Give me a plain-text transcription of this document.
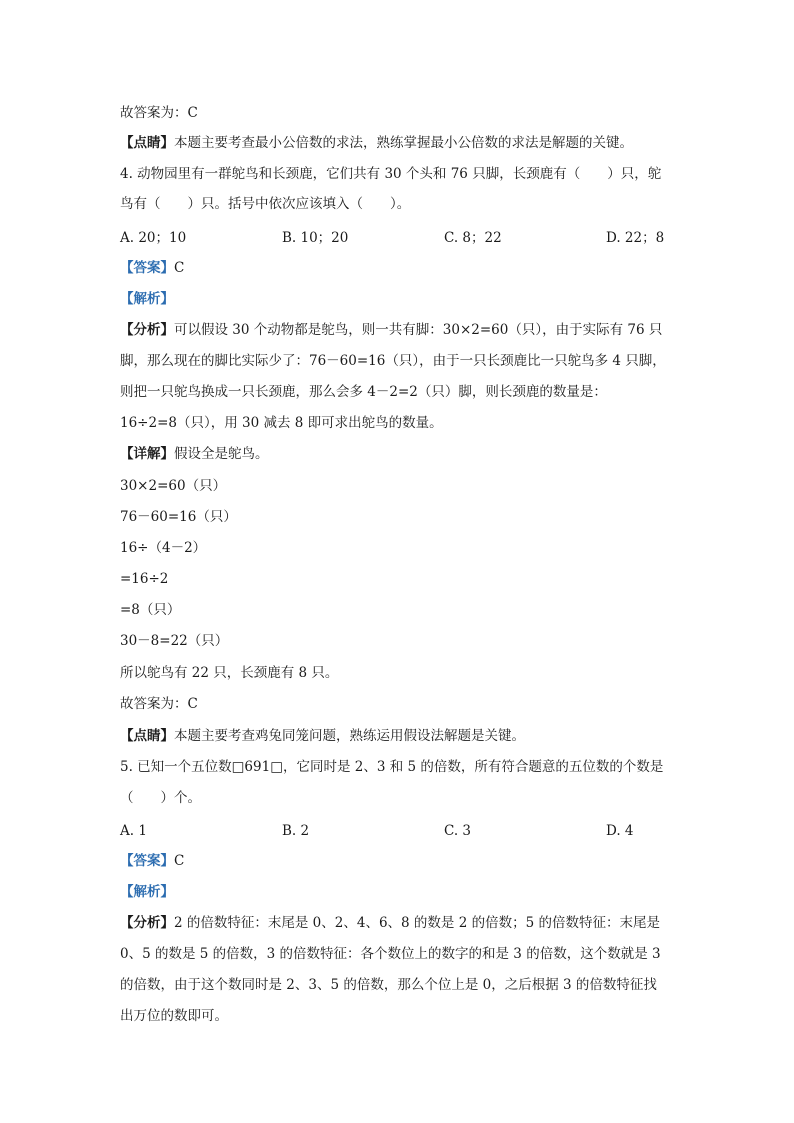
故答案为：C
【点睛】本题主要考查最小公倍数的求法，熟练掌握最小公倍数的求法是解题的关键。
4. 动物园里有一群鸵鸟和长颈鹿，它们共有 30 个头和 76 只脚，长颈鹿有（　　）只，鸵
鸟有（　　）只。括号中依次应该填入（　　）。
A. 20；10	B. 10；20	C. 8；22	D. 22；8
【答案】C
【解析】
【分析】可以假设 30 个动物都是鸵鸟，则一共有脚：30×2=60（只），由于实际有 76 只
脚，那么现在的脚比实际少了：76－60=16（只），由于一只长颈鹿比一只鸵鸟多 4 只脚，
则把一只鸵鸟换成一只长颈鹿，那么会多 4－2=2（只）脚，则长颈鹿的数量是：
16÷2=8（只），用 30 减去 8 即可求出鸵鸟的数量。
【详解】假设全是鸵鸟。
30×2=60（只）
76－60=16（只）
16÷（4－2）
=16÷2
=8（只）
30－8=22（只）
所以鸵鸟有 22 只，长颈鹿有 8 只。
故答案为：C
【点睛】本题主要考查鸡兔同笼问题，熟练运用假设法解题是关键。
5. 已知一个五位数□691□，它同时是 2、3 和 5 的倍数，所有符合题意的五位数的个数是
（　　）个。
A. 1	B. 2	C. 3	D. 4
【答案】C
【解析】
【分析】2 的倍数特征：末尾是 0、2、4、6、8 的数是 2 的倍数；5 的倍数特征：末尾是
0、5 的数是 5 的倍数，3 的倍数特征：各个数位上的数字的和是 3 的倍数，这个数就是 3
的倍数，由于这个数同时是 2、3、5 的倍数，那么个位上是 0，之后根据 3 的倍数特征找
出万位的数即可。
